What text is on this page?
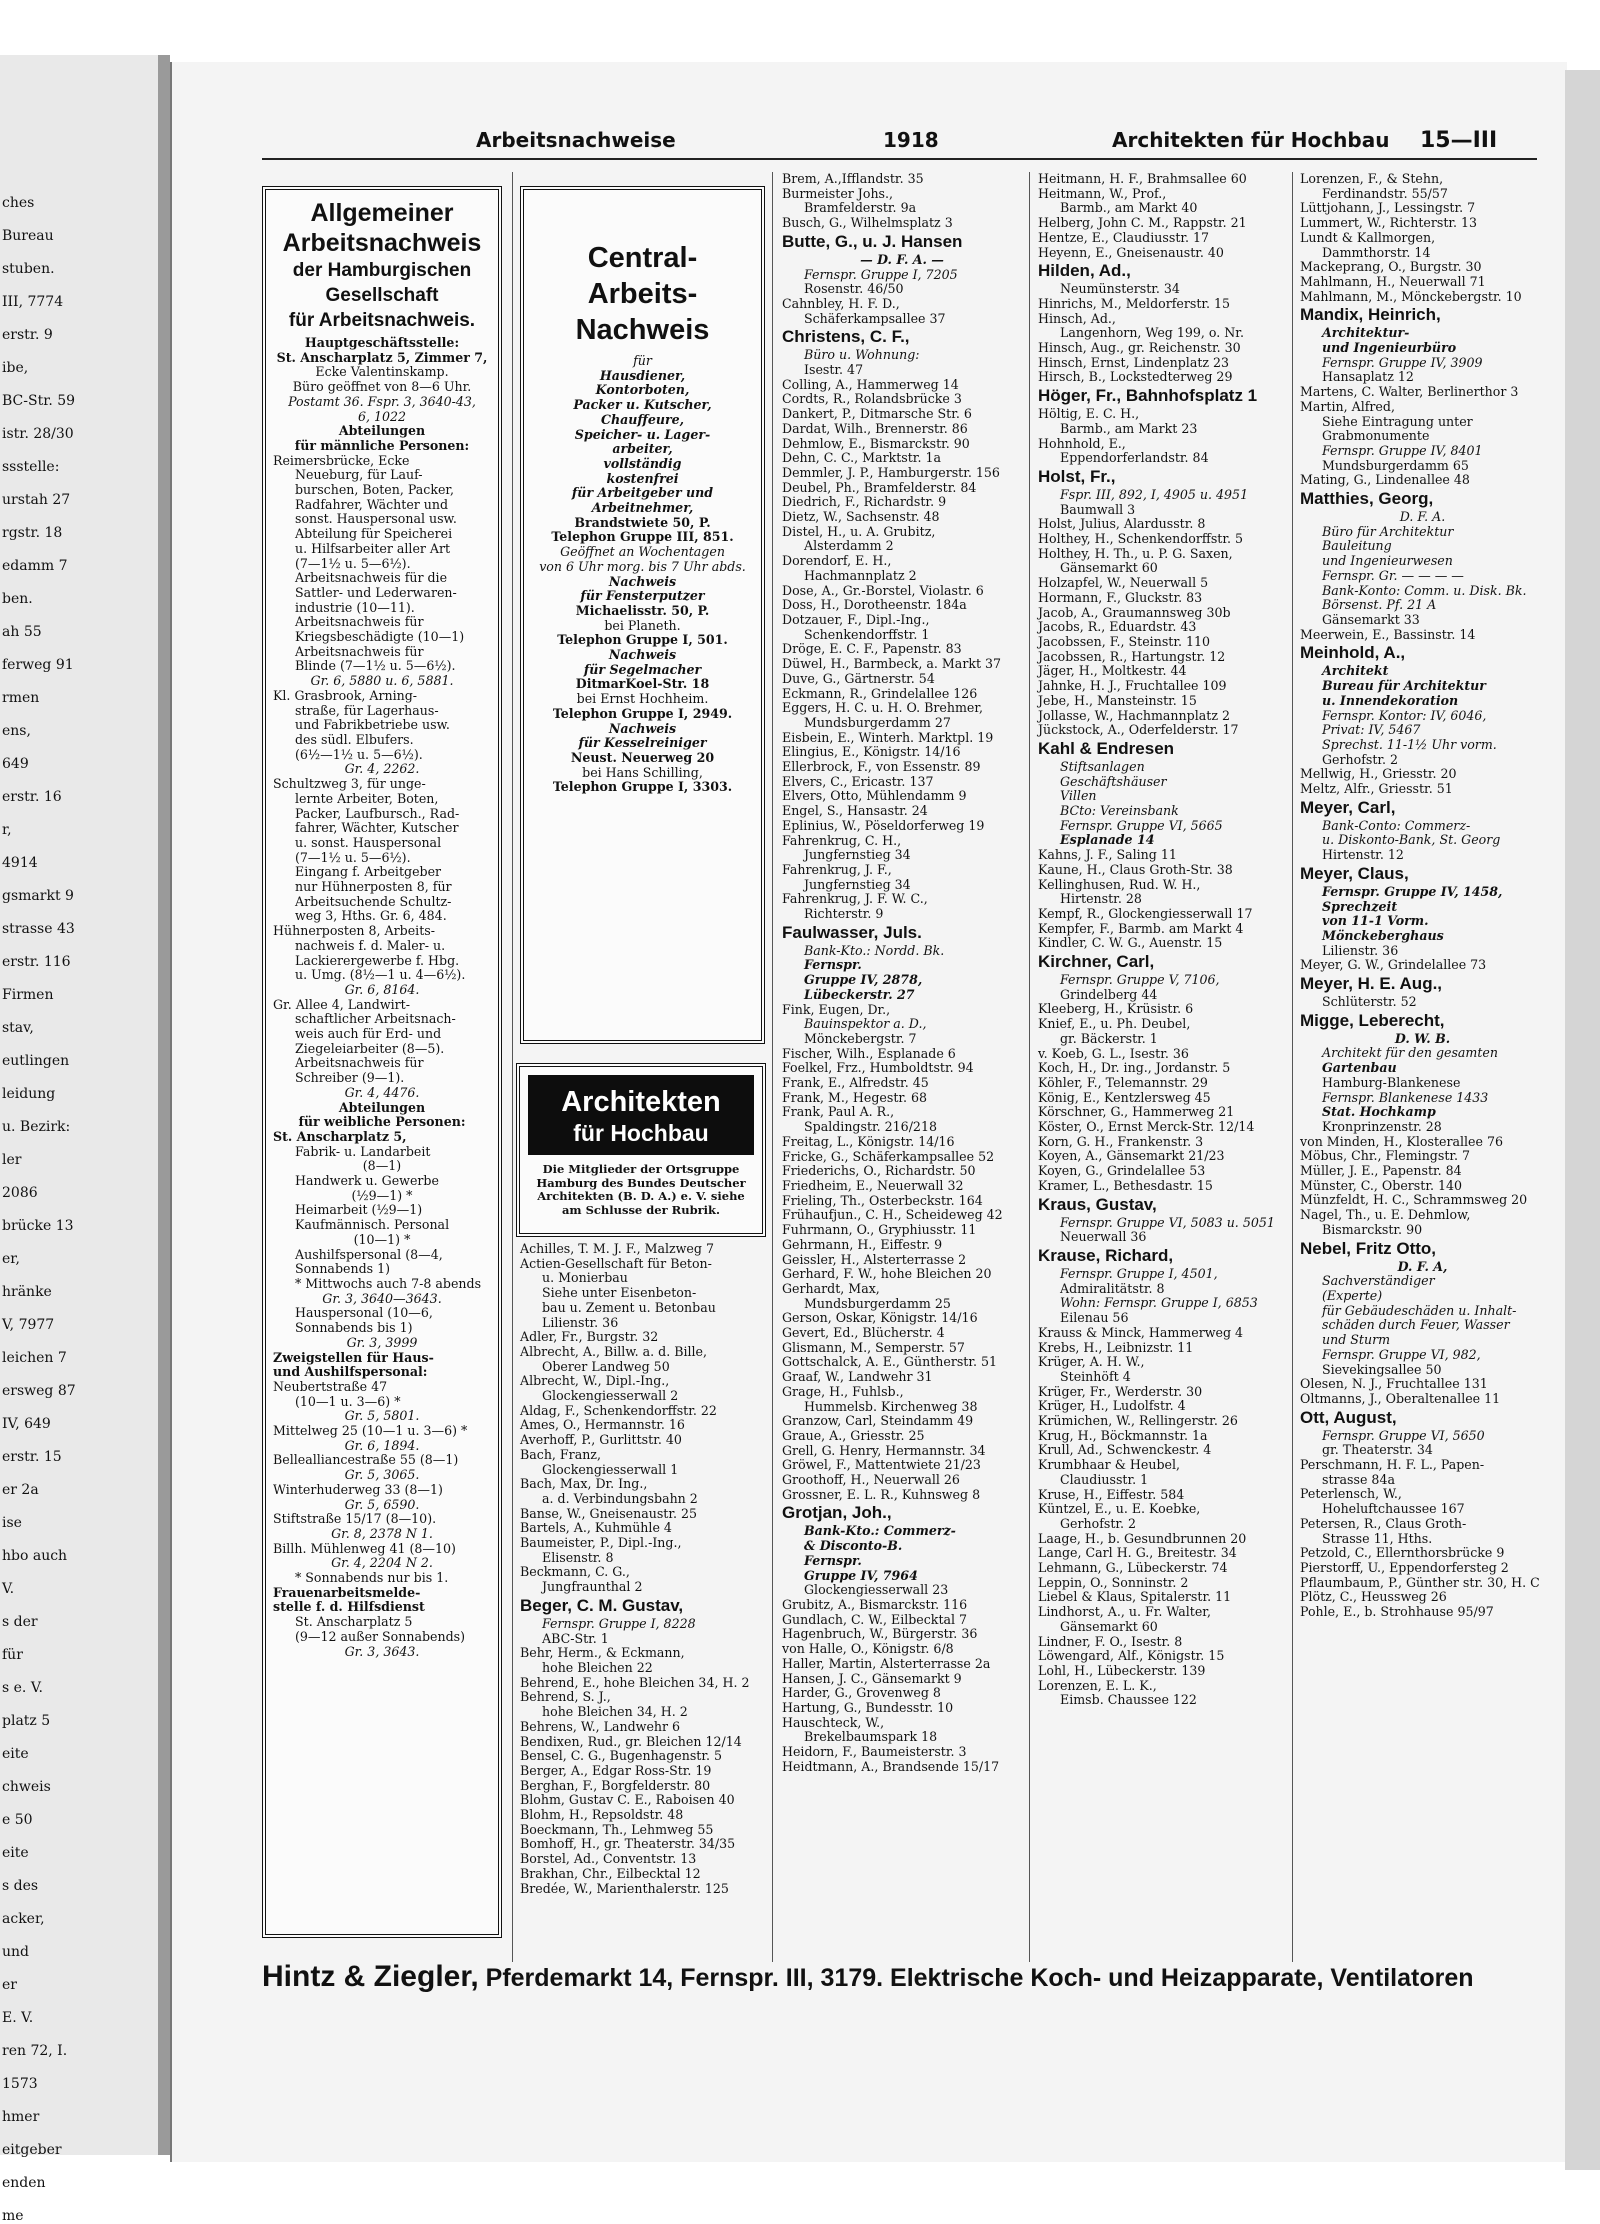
ches
Bureau
stuben.
III, 7774
erstr. 9
ibe,
BC-Str. 59
istr. 28/30
ssstelle:
urstah 27
rgstr. 18
edamm 7
ben.
ah 55
ferweg 91
rmen
ens,
649
erstr. 16
r,
4914
gsmarkt 9
strasse 43
erstr. 116
Firmen
stav,
eutlingen
leidung
u. Bezirk:
ler
2086
brücke 13
er,
hränke
V, 7977
leichen 7
ersweg 87
IV, 649
erstr. 15
er 2a
ise
hbo auch
V.
s der
für
s e. V.
platz 5
eite
chweis
e 50
eite
s des
acker,
und
er
E. V.
ren 72, I.
1573
hmer
eitgeber
enden
me
Arbeitsnachweise	1918	Architekten für Hochbau 15—III
Allgemeiner
Arbeitsnachweis
der Hamburgischen
Gesellschaft
für Arbeitsnachweis.
Hauptgeschäftsstelle:
St. Anscharplatz 5, Zimmer 7,
Ecke Valentinskamp.
Büro geöffnet von 8—6 Uhr.
Postamt 36. Fspr. 3, 3640-43,
6, 1022
Abteilungen
für männliche Personen:
Reimersbrücke, Ecke
Neueburg, für Lauf-
burschen, Boten, Packer,
Radfahrer, Wächter und
sonst. Hauspersonal usw.
Abteilung für Speicherei
u. Hilfsarbeiter aller Art
(7—1½ u. 5—6½).
Arbeitsnachweis für die
Sattler- und Lederwaren-
industrie (10—11).
Arbeitsnachweis für
Kriegsbeschädigte (10—1)
Arbeitsnachweis für
Blinde (7—1½ u. 5—6½).
Gr. 6, 5880 u. 6, 5881.
Kl. Grasbrook, Arning-
straße, für Lagerhaus-
und Fabrikbetriebe usw.
des südl. Elbufers.
(6½—1½ u. 5—6½).
Gr. 4, 2262.
Schultzweg 3, für unge-
lernte Arbeiter, Boten,
Packer, Laufbursch., Rad-
fahrer, Wächter, Kutscher
u. sonst. Hauspersonal
(7—1½ u. 5—6½).
Eingang f. Arbeitgeber
nur Hühnerposten 8, für
Arbeitsuchende Schultz-
weg 3, Hths. Gr. 6, 484.
Hühnerposten 8, Arbeits-
nachweis f. d. Maler- u.
Lackierergewerbe f. Hbg.
u. Umg. (8½—1 u. 4—6½).
Gr. 6, 8164.
Gr. Allee 4, Landwirt-
schaftlicher Arbeitsnach-
weis auch für Erd- und
Ziegeleiarbeiter (8—5).
Arbeitsnachweis für
Schreiber (9—1).
Gr. 4, 4476.
Abteilungen
für weibliche Personen:
St. Anscharplatz 5,
Fabrik- u. Landarbeit
(8—1)
Handwerk u. Gewerbe
(½9—1) *
Heimarbeit (½9—1)
Kaufmännisch. Personal
(10—1) *
Aushilfspersonal (8—4,
Sonnabends 1)
* Mittwochs auch 7-8 abends
Gr. 3, 3640—3643.
Hauspersonal (10—6,
Sonnabends bis 1)
Gr. 3, 3999
Zweigstellen für Haus-
und Aushilfspersonal:
Neubertstraße 47
(10—1 u. 3—6) *
Gr. 5, 5801.
Mittelweg 25 (10—1 u. 3—6) *
Gr. 6, 1894.
Bellealliancestraße 55 (8—1)
Gr. 5, 3065.
Winterhuderweg 33 (8—1)
Gr. 5, 6590.
Stiftstraße 15/17 (8—10).
Gr. 8, 2378 N 1.
Billh. Mühlenweg 41 (8—10)
Gr. 4, 2204 N 2.
* Sonnabends nur bis 1.
Frauenarbeitsmelde-
stelle f. d. Hilfsdienst
St. Anscharplatz 5
(9—12 außer Sonnabends)
Gr. 3, 3643.
Central-
Arbeits-Nachweis
für
Hausdiener,
Kontorboten,
Packer u. Kutscher,
Chauffeure,
Speicher- u. Lager-
arbeiter,
vollständig
kostenfrei
für Arbeitgeber und
Arbeitnehmer,
Brandstwiete 50, P.
Telephon Gruppe III, 851.
Geöffnet an Wochentagen
von 6 Uhr morg. bis 7 Uhr abds.
Nachweis
für Fensterputzer
Michaelisstr. 50, P.
bei Planeth.
Telephon Gruppe I, 501.
Nachweis
für Segelmacher
DitmarKoel-Str. 18
bei Ernst Hochheim.
Telephon Gruppe I, 2949.
Nachweis
für Kesselreiniger
Neust. Neuerweg 20
bei Hans Schilling,
Telephon Gruppe I, 3303.
Architekten
für Hochbau
Die Mitglieder der Ortsgruppe
Hamburg des Bundes Deutscher
Architekten (B. D. A.) e. V. siehe
am Schlusse der Rubrik.
Achilles, T. M. J. F., Malzweg 7
Actien-Gesellschaft für Beton-
u. Monierbau
Siehe unter Eisenbeton-
bau u. Zement u. Betonbau
Lilienstr. 36
Adler, Fr., Burgstr. 32
Albrecht, A., Billw. a. d. Bille,
Oberer Landweg 50
Albrecht, W., Dipl.-Ing.,
Glockengiesserwall 2
Aldag, F., Schenkendorffstr. 22
Ames, O., Hermannstr. 16
Averhoff, P., Gurlittstr. 40
Bach, Franz,
Glockengiesserwall 1
Bach, Max, Dr. Ing.,
a. d. Verbindungsbahn 2
Banse, W., Gneisenaustr. 25
Bartels, A., Kuhmühle 4
Baumeister, P., Dipl.-Ing.,
Elisenstr. 8
Beckmann, C. G.,
Jungfraunthal 2
Beger, C. M. Gustav,
Fernspr. Gruppe I, 8228
ABC-Str. 1
Behr, Herm., & Eckmann,
hohe Bleichen 22
Behrend, E., hohe Bleichen 34, H. 2
Behrend, S. J.,
hohe Bleichen 34, H. 2
Behrens, W., Landwehr 6
Bendixen, Rud., gr. Bleichen 12/14
Bensel, C. G., Bugenhagenstr. 5
Berger, A., Edgar Ross-Str. 19
Berghan, F., Borgfelderstr. 80
Blohm, Gustav C. E., Raboisen 40
Blohm, H., Repsoldstr. 48
Boeckmann, Th., Lehmweg 55
Bomhoff, H., gr. Theaterstr. 34/35
Borstel, Ad., Conventstr. 13
Brakhan, Chr., Eilbecktal 12
Bredée, W., Marienthalerstr. 125
Brem, A.,Ifflandstr. 35
Burmeister Johs.,
Bramfelderstr. 9a
Busch, G., Wilhelmsplatz 3
Butte, G., u. J. Hansen
— D. F. A. —
Fernspr. Gruppe I, 7205
Rosenstr. 46/50
Cahnbley, H. F. D.,
Schäferkampsallee 37
Christens, C. F.,
Büro u. Wohnung:
Isestr. 47
Colling, A., Hammerweg 14
Cordts, R., Rolandsbrücke 3
Dankert, P., Ditmarsche Str. 6
Dardat, Wilh., Brennerstr. 86
Dehmlow, E., Bismarckstr. 90
Dehn, C. C., Marktstr. 1a
Demmler, J. P., Hamburgerstr. 156
Deubel, Ph., Bramfelderstr. 84
Diedrich, F., Richardstr. 9
Dietz, W., Sachsenstr. 48
Distel, H., u. A. Grubitz,
Alsterdamm 2
Dorendorf, E. H.,
Hachmannplatz 2
Dose, A., Gr.-Borstel, Violastr. 6
Doss, H., Dorotheenstr. 184a
Dotzauer, F., Dipl.-Ing.,
Schenkendorffstr. 1
Dröge, E. C. F., Papenstr. 83
Düwel, H., Barmbeck, a. Markt 37
Duve, G., Gärtnerstr. 54
Eckmann, R., Grindelallee 126
Eggers, H. C. u. H. O. Brehmer,
Mundsburgerdamm 27
Eisbein, E., Winterh. Marktpl. 19
Elingius, E., Königstr. 14/16
Ellerbrock, F., von Essenstr. 89
Elvers, C., Ericastr. 137
Elvers, Otto, Mühlendamm 9
Engel, S., Hansastr. 24
Eplinius, W., Pöseldorferweg 19
Fahrenkrug, C. H.,
Jungfernstieg 34
Fahrenkrug, J. F.,
Jungfernstieg 34
Fahrenkrug, J. F. W. C.,
Richterstr. 9
Faulwasser, Juls.
Bank-Kto.: Nordd. Bk.
Fernspr.
Gruppe IV, 2878,
Lübeckerstr. 27
Fink, Eugen, Dr.,
Bauinspektor a. D.,
Mönckebergstr. 7
Fischer, Wilh., Esplanade 6
Foelkel, Frz., Humboldtstr. 94
Frank, E., Alfredstr. 45
Frank, M., Hegestr. 68
Frank, Paul A. R.,
Spaldingstr. 216/218
Freitag, L., Königstr. 14/16
Fricke, G., Schäferkampsallee 52
Friederichs, O., Richardstr. 50
Friedheim, E., Neuerwall 32
Frieling, Th., Osterbeckstr. 164
Frühaufjun., C. H., Scheideweg 42
Fuhrmann, O., Gryphiusstr. 11
Gehrmann, H., Eiffestr. 9
Geissler, H., Alsterterrasse 2
Gerhard, F. W., hohe Bleichen 20
Gerhardt, Max,
Mundsburgerdamm 25
Gerson, Oskar, Königstr. 14/16
Gevert, Ed., Blücherstr. 4
Glismann, M., Semperstr. 57
Gottschalck, A. E., Güntherstr. 51
Graaf, W., Landwehr 31
Grage, H., Fuhlsb.,
Hummelsb. Kirchenweg 38
Granzow, Carl, Steindamm 49
Graue, A., Griesstr. 25
Grell, G. Henry, Hermannstr. 34
Gröwel, F., Mattentwiete 21/23
Groothoff, H., Neuerwall 26
Grossner, E. L. R., Kuhnsweg 8
Grotjan, Joh.,
Bank-Kto.: Commerz-
& Disconto-B.
Fernspr.
Gruppe IV, 7964
Glockengiesserwall 23
Grubitz, A., Bismarckstr. 116
Gundlach, C. W., Eilbecktal 7
Hagenbruch, W., Bürgerstr. 36
von Halle, O., Königstr. 6/8
Haller, Martin, Alsterterrasse 2a
Hansen, J. C., Gänsemarkt 9
Harder, G., Grovenweg 8
Hartung, G., Bundesstr. 10
Hauschteck, W.,
Brekelbaumspark 18
Heidorn, F., Baumeisterstr. 3
Heidtmann, A., Brandsende 15/17
Heitmann, H. F., Brahmsallee 60
Heitmann, W., Prof.,
Barmb., am Markt 40
Helberg, John C. M., Rappstr. 21
Hentze, E., Claudiusstr. 17
Heyenn, E., Gneisenaustr. 40
Hilden, Ad.,
Neumünsterstr. 34
Hinrichs, M., Meldorferstr. 15
Hinsch, Ad.,
Langenhorn, Weg 199, o. Nr.
Hinsch, Aug., gr. Reichenstr. 30
Hinsch, Ernst, Lindenplatz 23
Hirsch, B., Lockstedterweg 29
Höger, Fr., Bahnhofsplatz 1
Höltig, E. C. H.,
Barmb., am Markt 23
Hohnhold, E.,
Eppendorferlandstr. 84
Holst, Fr.,
Fspr. III, 892, I, 4905 u. 4951
Baumwall 3
Holst, Julius, Alardusstr. 8
Holthey, H., Schenkendorffstr. 5
Holthey, H. Th., u. P. G. Saxen,
Gänsemarkt 60
Holzapfel, W., Neuerwall 5
Hormann, F., Gluckstr. 83
Jacob, A., Graumannsweg 30b
Jacobs, R., Eduardstr. 43
Jacobssen, F., Steinstr. 110
Jacobssen, R., Hartungstr. 12
Jäger, H., Moltkestr. 44
Jahnke, H. J., Fruchtallee 109
Jebe, H., Mansteinstr. 15
Jollasse, W., Hachmannplatz 2
Jückstock, A., Oderfelderstr. 17
Kahl & Endresen
Stiftsanlagen
Geschäftshäuser
Villen
BCto: Vereinsbank
Fernspr. Gruppe VI, 5665
Esplanade 14
Kahns, J. F., Saling 11
Kaune, H., Claus Groth-Str. 38
Kellinghusen, Rud. W. H.,
Hirtenstr. 28
Kempf, R., Glockengiesserwall 17
Kempfer, F., Barmb. am Markt 4
Kindler, C. W. G., Auenstr. 15
Kirchner, Carl,
Fernspr. Gruppe V, 7106,
Grindelberg 44
Kleeberg, H., Krüsistr. 6
Knief, E., u. Ph. Deubel,
gr. Bäckerstr. 1
v. Koeb, G. L., Isestr. 36
Koch, H., Dr. ing., Jordanstr. 5
Köhler, F., Telemannstr. 29
König, E., Kentzlersweg 45
Körschner, G., Hammerweg 21
Köster, O., Ernst Merck-Str. 12/14
Korn, G. H., Frankenstr. 3
Koyen, A., Gänsemarkt 21/23
Koyen, G., Grindelallee 53
Kramer, L., Bethesdastr. 15
Kraus, Gustav,
Fernspr. Gruppe VI, 5083 u. 5051
Neuerwall 36
Krause, Richard,
Fernspr. Gruppe I, 4501,
Admiralitätstr. 8
Wohn: Fernspr. Gruppe I, 6853
Eilenau 56
Krauss & Minck, Hammerweg 4
Krebs, H., Leibnizstr. 11
Krüger, A. H. W.,
Steinhöft 4
Krüger, Fr., Werderstr. 30
Krüger, H., Ludolfstr. 4
Krümichen, W., Rellingerstr. 26
Krug, H., Böckmannstr. 1a
Krull, Ad., Schwenckestr. 4
Krumbhaar & Heubel,
Claudiusstr. 1
Kruse, H., Eiffestr. 584
Küntzel, E., u. E. Koebke,
Gerhofstr. 2
Laage, H., b. Gesundbrunnen 20
Lange, Carl H. G., Breitestr. 34
Lehmann, G., Lübeckerstr. 74
Leppin, O., Sonninstr. 2
Liebel & Klaus, Spitalerstr. 11
Lindhorst, A., u. Fr. Walter,
Gänsemarkt 60
Lindner, F. O., Isestr. 8
Löwengard, Alf., Königstr. 15
Lohl, H., Lübeckerstr. 139
Lorenzen, E. L. K.,
Eimsb. Chaussee 122
Lorenzen, F., & Stehn,
Ferdinandstr. 55/57
Lüttjohann, J., Lessingstr. 7
Lummert, W., Richterstr. 13
Lundt & Kallmorgen,
Dammthorstr. 14
Mackeprang, O., Burgstr. 30
Mahlmann, H., Neuerwall 71
Mahlmann, M., Mönckebergstr. 10
Mandix, Heinrich,
Architektur-
und Ingenieurbüro
Fernspr. Gruppe IV, 3909
Hansaplatz 12
Martens, C. Walter, Berlinerthor 3
Martin, Alfred,
Siehe Eintragung unter
Grabmonumente
Fernspr. Gruppe IV, 8401
Mundsburgerdamm 65
Mating, G., Lindenallee 48
Matthies, Georg,
D. F. A.
Büro für Architektur
Bauleitung
und Ingenieurwesen
Fernspr. Gr. — — — —
Bank-Konto: Comm. u. Disk. Bk.
Börsenst. Pf. 21 A
Gänsemarkt 33
Meerwein, E., Bassinstr. 14
Meinhold, A.,
Architekt
Bureau für Architektur
u. Innendekoration
Fernspr. Kontor: IV, 6046,
Privat: IV, 5467
Sprechst. 11-1½ Uhr vorm.
Gerhofstr. 2
Mellwig, H., Griesstr. 20
Meltz, Alfr., Griesstr. 51
Meyer, Carl,
Bank-Conto: Commerz-
u. Diskonto-Bank, St. Georg
Hirtenstr. 12
Meyer, Claus,
Fernspr. Gruppe IV, 1458,
Sprechzeit
von 11-1 Vorm.
Mönckeberghaus
Lilienstr. 36
Meyer, G. W., Grindelallee 73
Meyer, H. E. Aug.,
Schlüterstr. 52
Migge, Leberecht,
D. W. B.
Architekt für den gesamten
Gartenbau
Hamburg-Blankenese
Fernspr. Blankenese 1433
Stat. Hochkamp
Kronprinzenstr. 28
von Minden, H., Klosterallee 76
Möbus, Chr., Flemingstr. 7
Müller, J. E., Papenstr. 84
Münster, C., Oberstr. 140
Münzfeldt, H. C., Schrammsweg 20
Nagel, Th., u. E. Dehmlow,
Bismarckstr. 90
Nebel, Fritz Otto,
D. F. A,
Sachverständiger
(Experte)
für Gebäudeschäden u. Inhalt-
schäden durch Feuer, Wasser
und Sturm
Fernspr. Gruppe VI, 982,
Sievekingsallee 50
Olesen, N. J., Fruchtallee 131
Oltmanns, J., Oberaltenallee 11
Ott, August,
Fernspr. Gruppe VI, 5650
gr. Theaterstr. 34
Perschmann, H. F. L., Papen-
strasse 84a
Peterlensch, W.,
Hoheluftchaussee 167
Petersen, R., Claus Groth-
Strasse 11, Hths.
Petzold, C., Ellernthorsbrücke 9
Pierstorff, U., Eppendorfersteg 2
Pflaumbaum, P., Günther str. 30, H. C
Plötz, C., Heussweg 26
Pohle, E., b. Strohhause 95/97
Hintz & Ziegler, Pferdemarkt 14, Fernspr. III, 3179. Elektrische Koch- und Heizapparate, Ventilatoren
